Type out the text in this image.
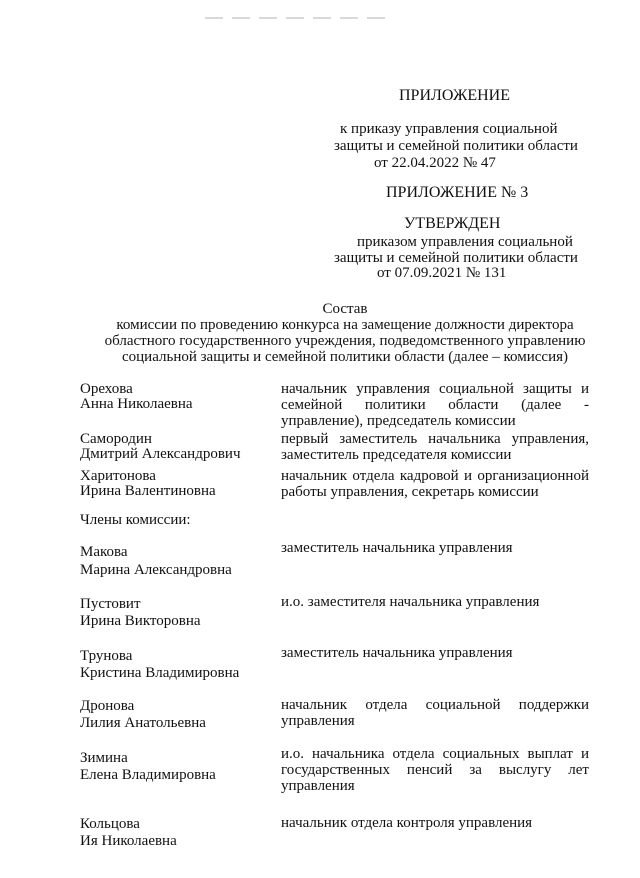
ПРИЛОЖЕНИЕ
к приказу управления социальной
защиты и семейной политики области
от 22.04.2022 № 47
ПРИЛОЖЕНИЕ № 3
УТВЕРЖДЕН
приказом управления социальной
защиты и семейной политики области
от 07.09.2021 № 131
Состав
комиссии по проведению конкурса на замещение должности директора
областного государственного учреждения, подведомственного управлению
социальной защиты и семейной политики области (далее – комиссия)
Орехова
Анна Николаевна
начальник управления социальной защиты и семейной политики области (далее - управление), председатель комиссии
Самородин
Дмитрий Александрович
первый заместитель начальника управления, заместитель председателя комиссии
Харитонова
Ирина Валентиновна
начальник отдела кадровой и организационной работы управления, секретарь комиссии
Члены комиссии:
Макова
Марина Александровна
заместитель начальника управления
Пустовит
Ирина Викторовна
и.о. заместителя начальника управления
Трунова
Кристина Владимировна
заместитель начальника управления
Дронова
Лилия Анатольевна
начальник отдела социальной поддержки управления
Зимина
Елена Владимировна
и.о. начальника отдела социальных выплат и государственных пенсий за выслугу лет управления
Кольцова
Ия Николаевна
начальник отдела контроля управления
